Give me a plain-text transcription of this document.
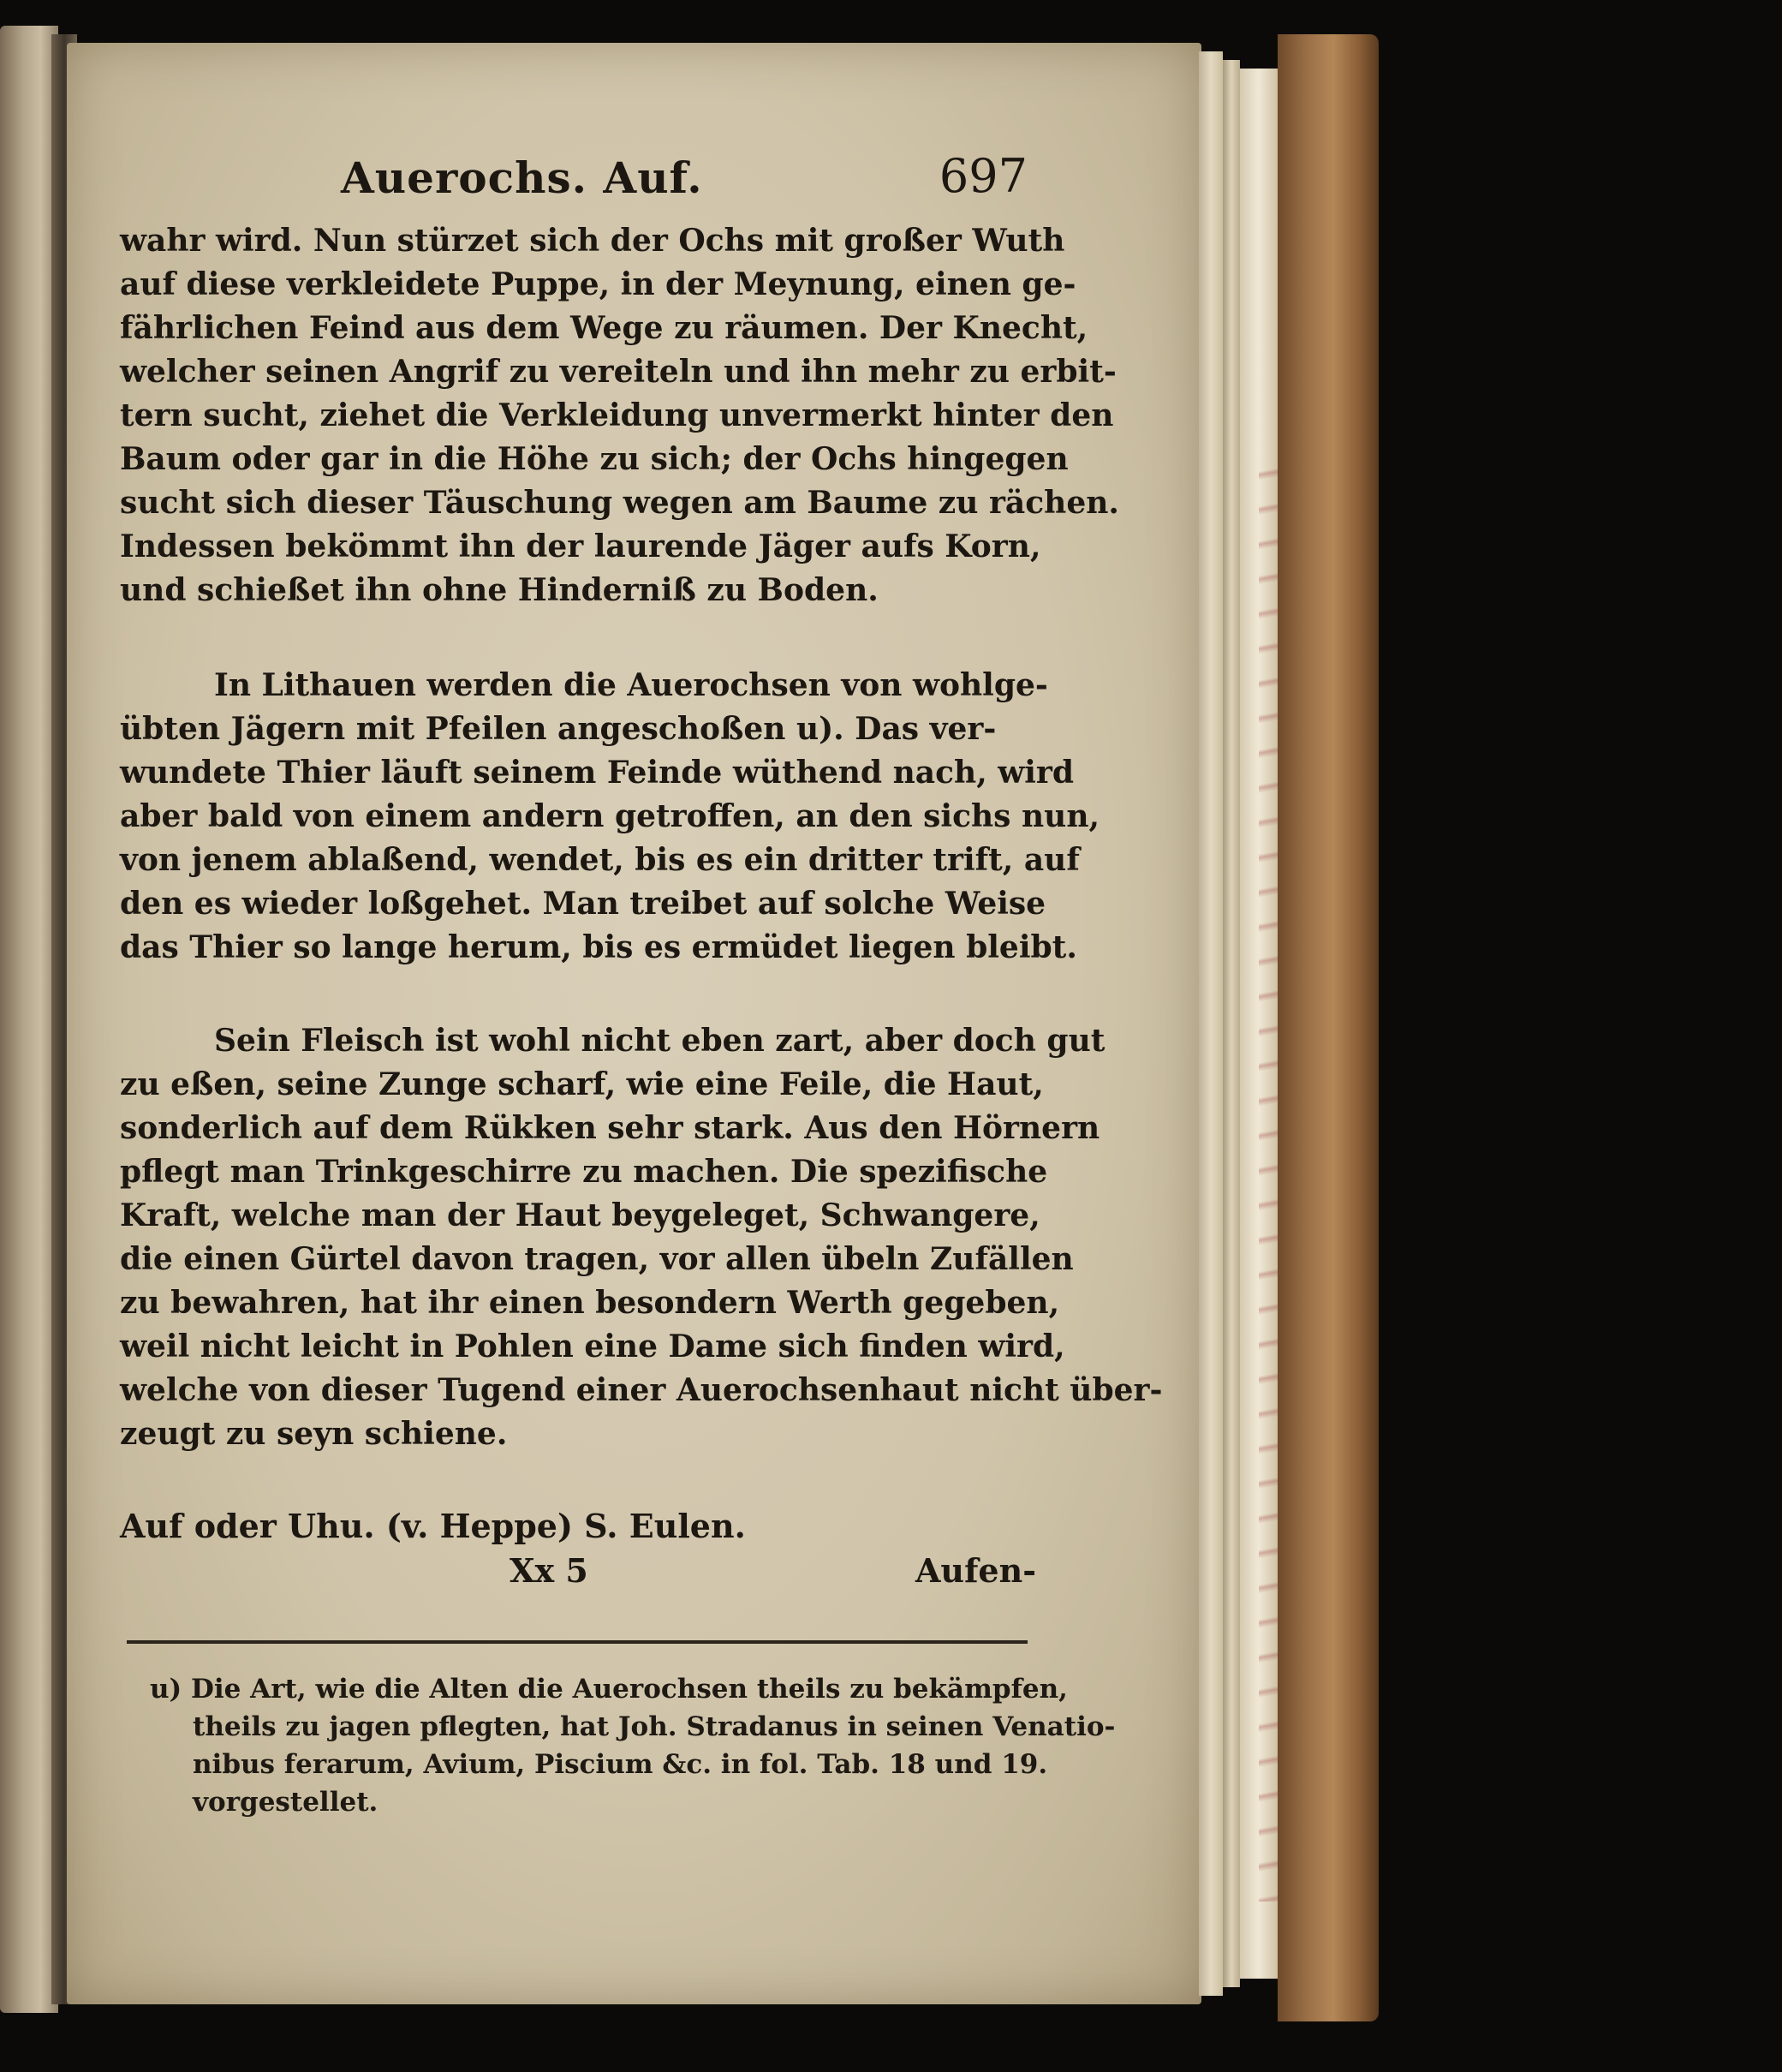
Auerochs. Auf.	697

wahr wird. Nun stürzet sich der Ochs mit großer Wuth

auf diese verkleidete Puppe, in der Meynung, einen ge-

fährlichen Feind aus dem Wege zu räumen. Der Knecht,

welcher seinen Angrif zu vereiteln und ihn mehr zu erbit-

tern sucht, ziehet die Verkleidung unvermerkt hinter den

Baum oder gar in die Höhe zu sich; der Ochs hingegen

sucht sich dieser Täuschung wegen am Baume zu rächen.

Indessen bekömmt ihn der laurende Jäger aufs Korn,

und schießet ihn ohne Hinderniß zu Boden.

In Lithauen werden die Auerochsen von wohlge-

übten Jägern mit Pfeilen angeschoßen u). Das ver-

wundete Thier läuft seinem Feinde wüthend nach, wird

aber bald von einem andern getroffen, an den sichs nun,

von jenem ablaßend, wendet, bis es ein dritter trift, auf

den es wieder loßgehet. Man treibet auf solche Weise

das Thier so lange herum, bis es ermüdet liegen bleibt.

Sein Fleisch ist wohl nicht eben zart, aber doch gut

zu eßen, seine Zunge scharf, wie eine Feile, die Haut,

sonderlich auf dem Rükken sehr stark. Aus den Hörnern

pflegt man Trinkgeschirre zu machen. Die spezifische

Kraft, welche man der Haut beygeleget, Schwangere,

die einen Gürtel davon tragen, vor allen übeln Zufällen

zu bewahren, hat ihr einen besondern Werth gegeben,

weil nicht leicht in Pohlen eine Dame sich finden wird,

welche von dieser Tugend einer Auerochsenhaut nicht über-

zeugt zu seyn schiene.

Auf oder Uhu. (v. Heppe) S. Eulen.
Xx 5	Aufen-

u) Die Art, wie die Alten die Auerochsen theils zu bekämpfen,

theils zu jagen pflegten, hat Joh. Stradanus in seinen Venatio-

nibus ferarum, Avium, Piscium &c. in fol. Tab. 18 und 19.

vorgestellet.
